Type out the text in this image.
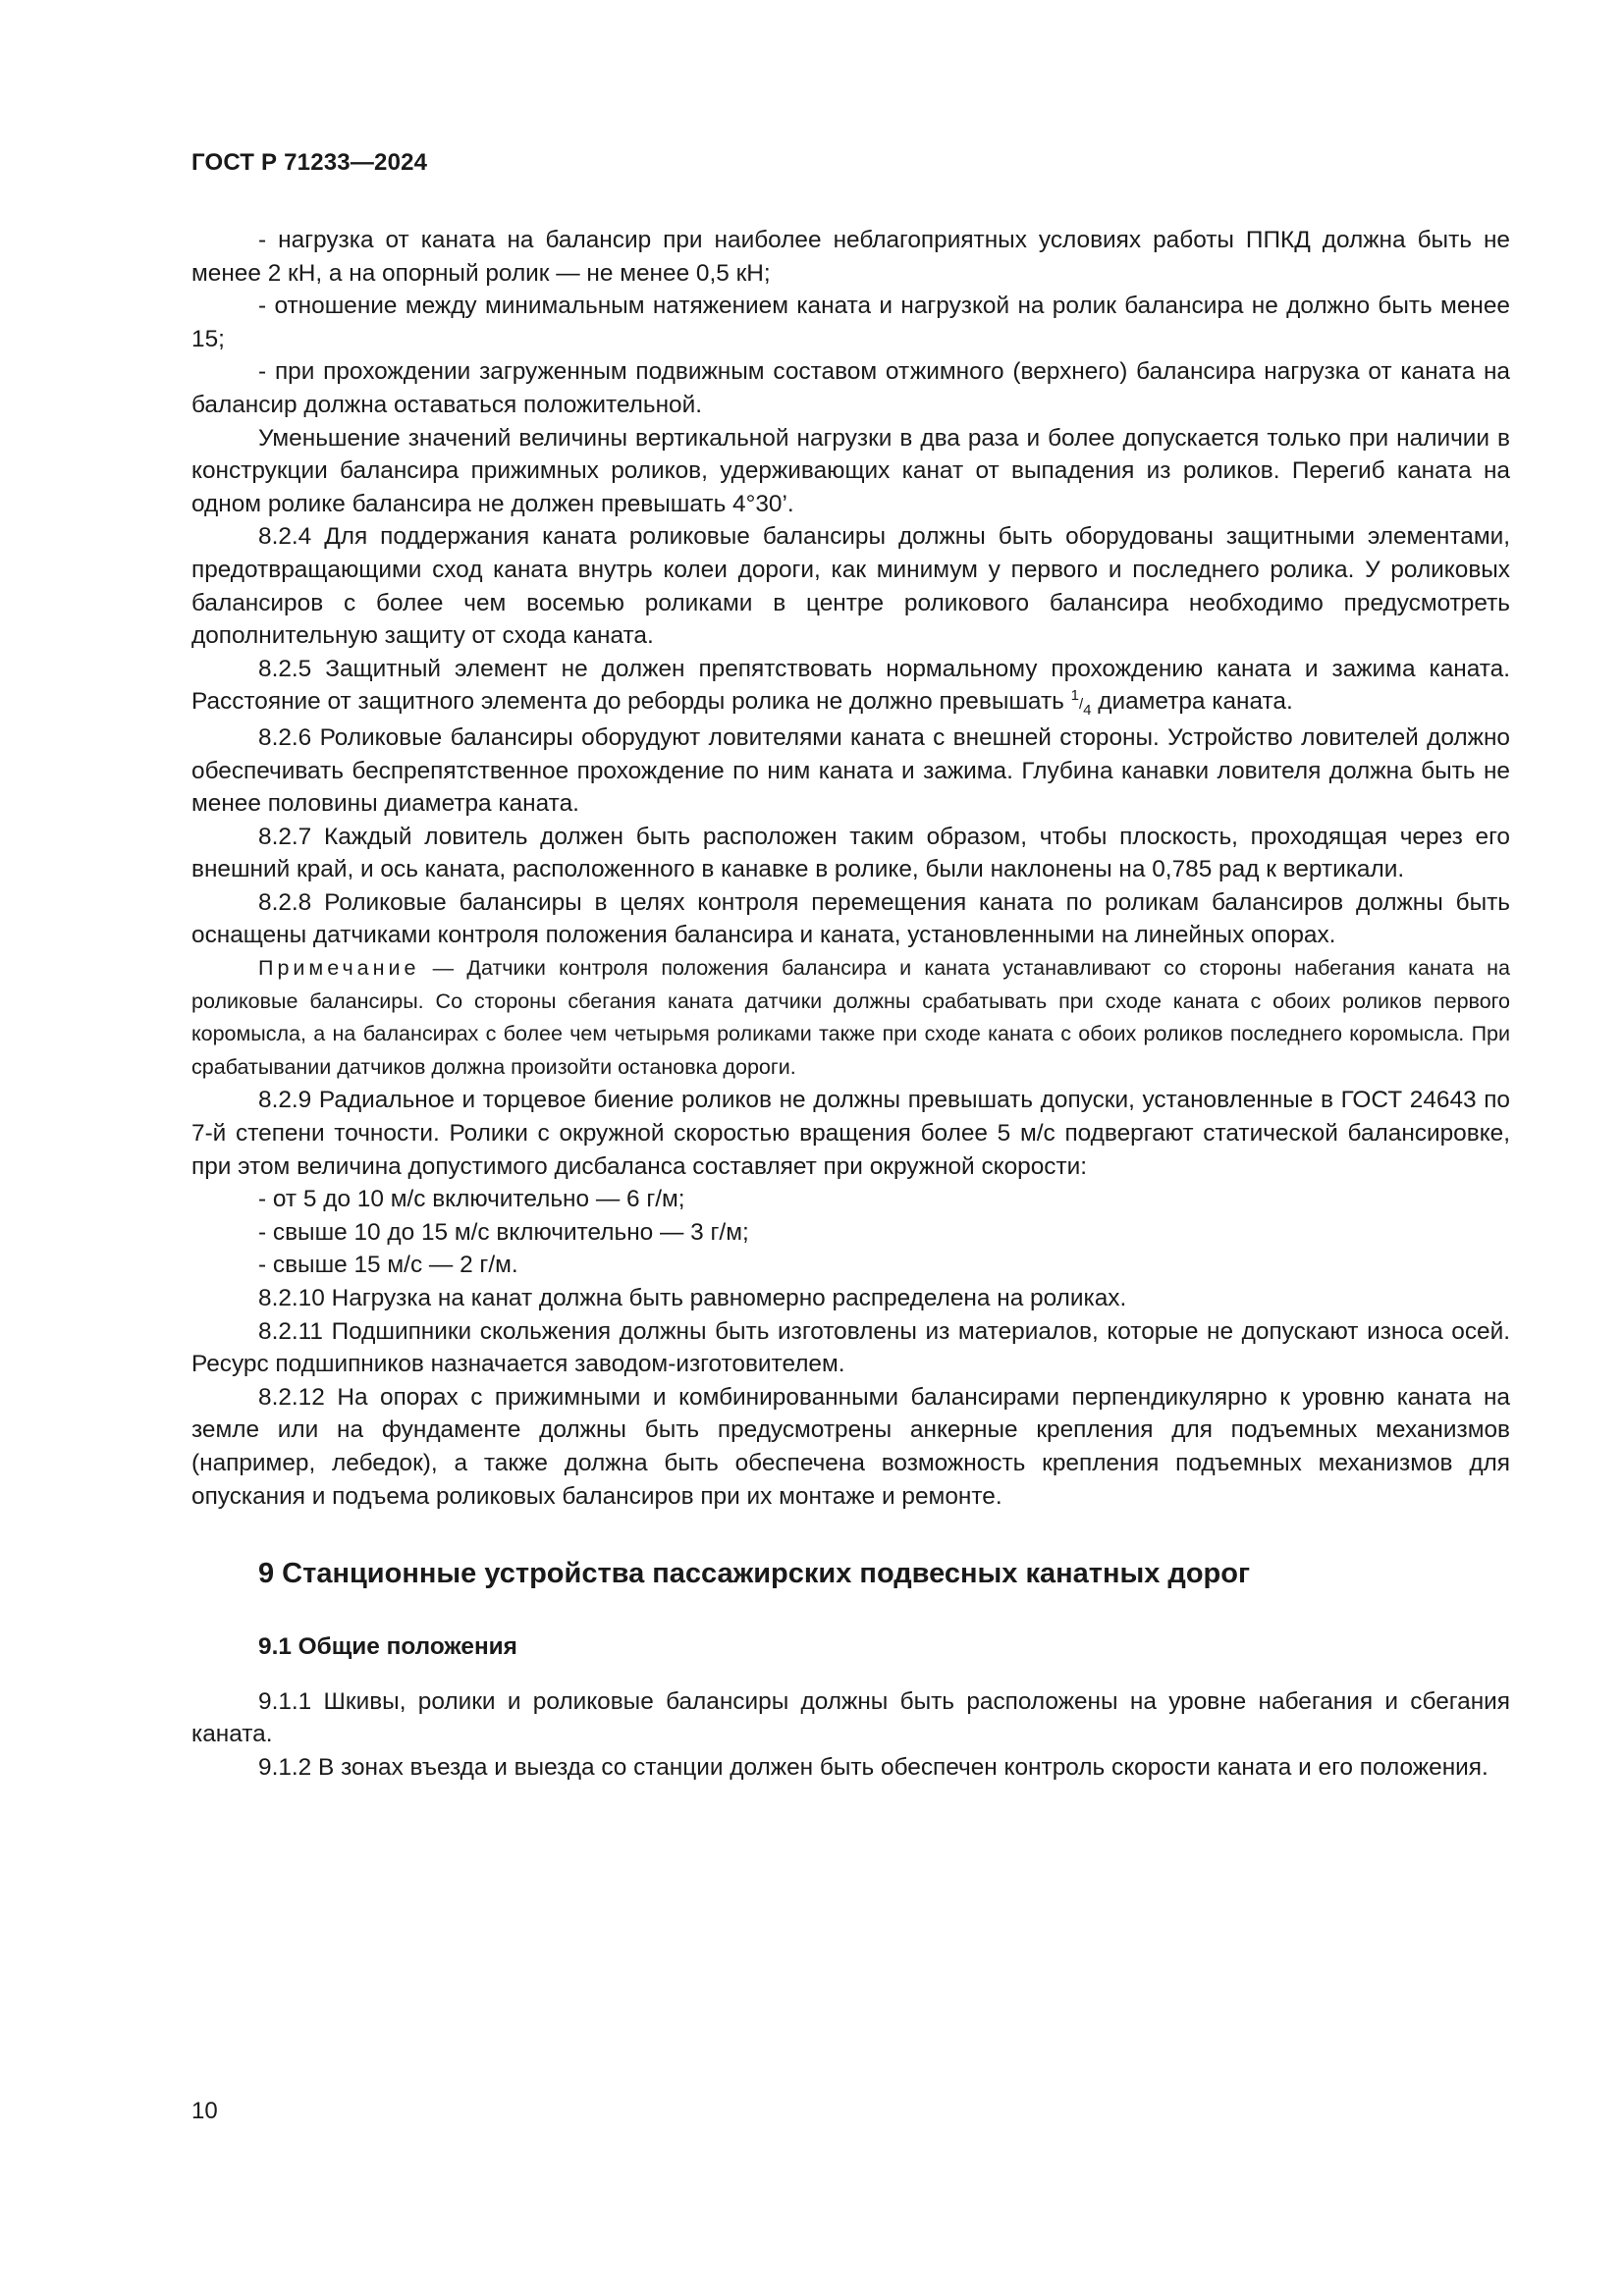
ГОСТ Р 71233—2024

- нагрузка от каната на балансир при наиболее неблагоприятных условиях работы ППКД должна быть не менее 2 кН, а на опорный ролик — не менее 0,5 кН;

- отношение между минимальным натяжением каната и нагрузкой на ролик балансира не должно быть менее 15;

- при прохождении загруженным подвижным составом отжимного (верхнего) балансира нагрузка от каната на балансир должна оставаться положительной.

Уменьшение значений величины вертикальной нагрузки в два раза и более допускается только при наличии в конструкции балансира прижимных роликов, удерживающих канат от выпадения из роликов. Перегиб каната на одном ролике балансира не должен превышать 4°30’.

8.2.4 Для поддержания каната роликовые балансиры должны быть оборудованы защитными элементами, предотвращающими сход каната внутрь колеи дороги, как минимум у первого и последнего ролика. У роликовых балансиров с более чем восемью роликами в центре роликового балансира необходимо предусмотреть дополнительную защиту от схода каната.

8.2.5 Защитный элемент не должен препятствовать нормальному прохождению каната и зажима каната. Расстояние от защитного элемента до реборды ролика не должно превышать 1/4 диаметра каната.

8.2.6 Роликовые балансиры оборудуют ловителями каната с внешней стороны. Устройство ловителей должно обеспечивать беспрепятственное прохождение по ним каната и зажима. Глубина канавки ловителя должна быть не менее половины диаметра каната.

8.2.7 Каждый ловитель должен быть расположен таким образом, чтобы плоскость, проходящая через его внешний край, и ось каната, расположенного в канавке в ролике, были наклонены на 0,785 рад к вертикали.

8.2.8 Роликовые балансиры в целях контроля перемещения каната по роликам балансиров должны быть оснащены датчиками контроля положения балансира и каната, установленными на линейных опорах.

Примечание — Датчики контроля положения балансира и каната устанавливают со стороны набегания каната на роликовые балансиры. Со стороны сбегания каната датчики должны срабатывать при сходе каната с обоих роликов первого коромысла, а на балансирах с более чем четырьмя роликами также при сходе каната с обоих роликов последнего коромысла. При срабатывании датчиков должна произойти остановка дороги.

8.2.9 Радиальное и торцевое биение роликов не должны превышать допуски, установленные в ГОСТ 24643 по 7-й степени точности. Ролики с окружной скоростью вращения более 5 м/с подвергают статической балансировке, при этом величина допустимого дисбаланса составляет при окружной скорости:

- от 5 до 10 м/с включительно — 6 г/м;

- свыше 10 до 15 м/с включительно — 3 г/м;

- свыше 15 м/с — 2 г/м.

8.2.10 Нагрузка на канат должна быть равномерно распределена на роликах.

8.2.11 Подшипники скольжения должны быть изготовлены из материалов, которые не допускают износа осей. Ресурс подшипников назначается заводом-изготовителем.

8.2.12 На опорах с прижимными и комбинированными балансирами перпендикулярно к уровню каната на земле или на фундаменте должны быть предусмотрены анкерные крепления для подъемных механизмов (например, лебедок), а также должна быть обеспечена возможность крепления подъемных механизмов для опускания и подъема роликовых балансиров при их монтаже и ремонте.

9 Станционные устройства пассажирских подвесных канатных дорог
9.1 Общие положения

9.1.1 Шкивы, ролики и роликовые балансиры должны быть расположены на уровне набегания и сбегания каната.

9.1.2 В зонах въезда и выезда со станции должен быть обеспечен контроль скорости каната и его положения.

10
